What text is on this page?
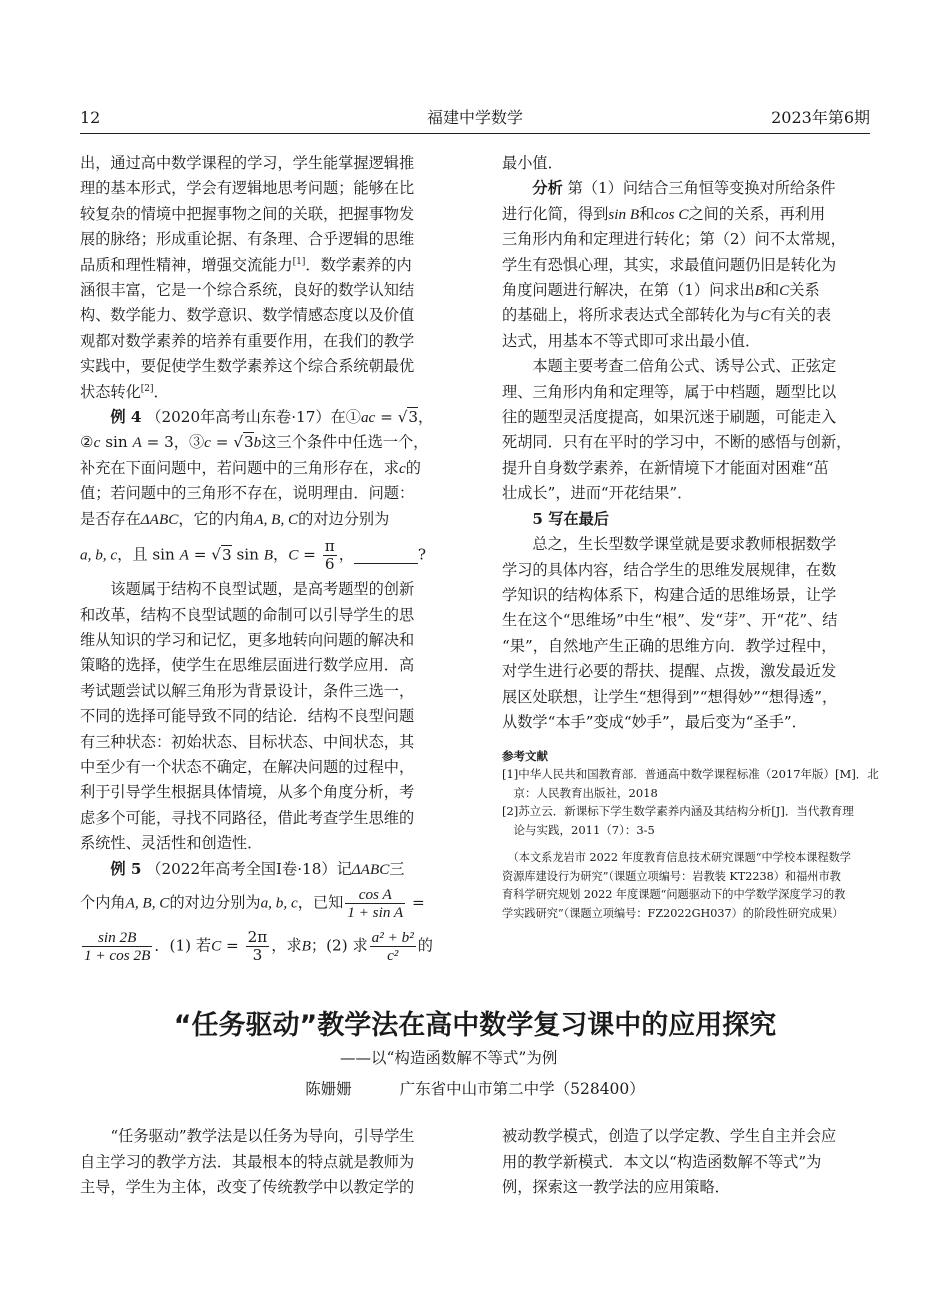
12	福建中学数学	2023年第6期

出，通过高中数学课程的学习，学生能掌握逻辑推
理的基本形式，学会有逻辑地思考问题；能够在比
较复杂的情境中把握事物之间的关联，把握事物发
展的脉络；形成重论据、有条理、合乎逻辑的思维
品质和理性精神，增强交流能力[1]．数学素养的内
涵很丰富，它是一个综合系统，良好的数学认知结
构、数学能力、数学意识、数学情感态度以及价值
观都对数学素养的培养有重要作用，在我们的教学
实践中，要促使学生数学素养这个综合系统朝最优
状态转化[2]．

例 4 （2020年高考山东卷·17）在①ac = √3，
②c sin A = 3，③c = √3b这三个条件中任选一个，
补充在下面问题中，若问题中的三角形存在，求c的
值；若问题中的三角形不存在，说明理由．问题：
是否存在ΔABC，它的内角A, B, C的对边分别为
a, b, c，且 sin A = √3 sin B，$C = \frac{\pi}{6}$ ，	?

该题属于结构不良型试题，是高考题型的创新
和改革，结构不良型试题的命制可以引导学生的思
维从知识的学习和记忆，更多地转向问题的解决和
策略的选择，使学生在思维层面进行数学应用．高
考试题尝试以解三角形为背景设计，条件三选一，
不同的选择可能导致不同的结论．结构不良型问题
有三种状态：初始状态、目标状态、中间状态，其
中至少有一个状态不确定，在解决问题的过程中，
利于引导学生根据具体情境，从多个角度分析，考
虑多个可能，寻找不同路径，借此考查学生思维的
系统性、灵活性和创造性．

例 5 （2022年高考全国Ⅰ卷·18）记ΔABC三
个内角A, B, C的对边分别为a, b, c，已知 $\frac{\text{cos A}}{\text{1 + sin A}}$ =
$\frac{\sin 2B}{1 + \cos 2B}$ ．(1) 若$C = \frac{2\pi}{3}$ ，求B；(2) 求 $\frac{\text{a² + b²}}{\text{c²}}$ 的

最小值．

分析 第（1）问结合三角恒等变换对所给条件
进行化简，得到sin B和cos C之间的关系，再利用
三角形内角和定理进行转化；第（2）问不太常规，
学生有恐惧心理，其实，求最值问题仍旧是转化为
角度问题进行解决，在第（1）问求出B和C关系
的基础上，将所求表达式全部转化为与C有关的表
达式，用基本不等式即可求出最小值．

本题主要考查二倍角公式、诱导公式、正弦定
理、三角形内角和定理等，属于中档题，题型比以
往的题型灵活度提高，如果沉迷于刷题，可能走入
死胡同．只有在平时的学习中，不断的感悟与创新，
提升自身数学素养，在新情境下才能面对困难“茁
壮成长”，进而“开花结果”．

5 写在最后

总之，生长型数学课堂就是要求教师根据数学
学习的具体内容，结合学生的思维发展规律，在数
学知识的结构体系下，构建合适的思维场景，让学
生在这个“思维场”中生“根”、发“芽”、开“花”、结
“果”，自然地产生正确的思维方向．教学过程中，
对学生进行必要的帮扶、提醒、点拨，激发最近发
展区处联想，让学生“想得到”“想得妙”“想得透”，
从数学“本手”变成“妙手”，最后变为“圣手”．

参考文献
[1]中华人民共和国教育部．普通高中数学课程标准（2017年版）[M]．北
京：人民教育出版社，2018
[2]苏立云．新课标下学生数学素养内涵及其结构分析[J]．当代教育理
论与实践，2011（7）：3-5
（本文系龙岩市 2022 年度教育信息技术研究课题“中学校本课程数学
资源库建设行为研究”（课题立项编号：岩教装 KT2238）和福州市教
育科学研究规划 2022 年度课题“问题驱动下的中学数学深度学习的教
学实践研究”（课题立项编号：FZ2022GH037）的阶段性研究成果）
“任务驱动”教学法在高中数学复习课中的应用探究
——以“构造函数解不等式”为例
陈姗姗	广东省中山市第二中学（528400）
“任务驱动”教学法是以任务为导向，引导学生
自主学习的教学方法．其最根本的特点就是教师为
主导，学生为主体，改变了传统教学中以教定学的
被动教学模式，创造了以学定教、学生自主并会应
用的教学新模式．本文以“构造函数解不等式”为
例，探索这一教学法的应用策略．
